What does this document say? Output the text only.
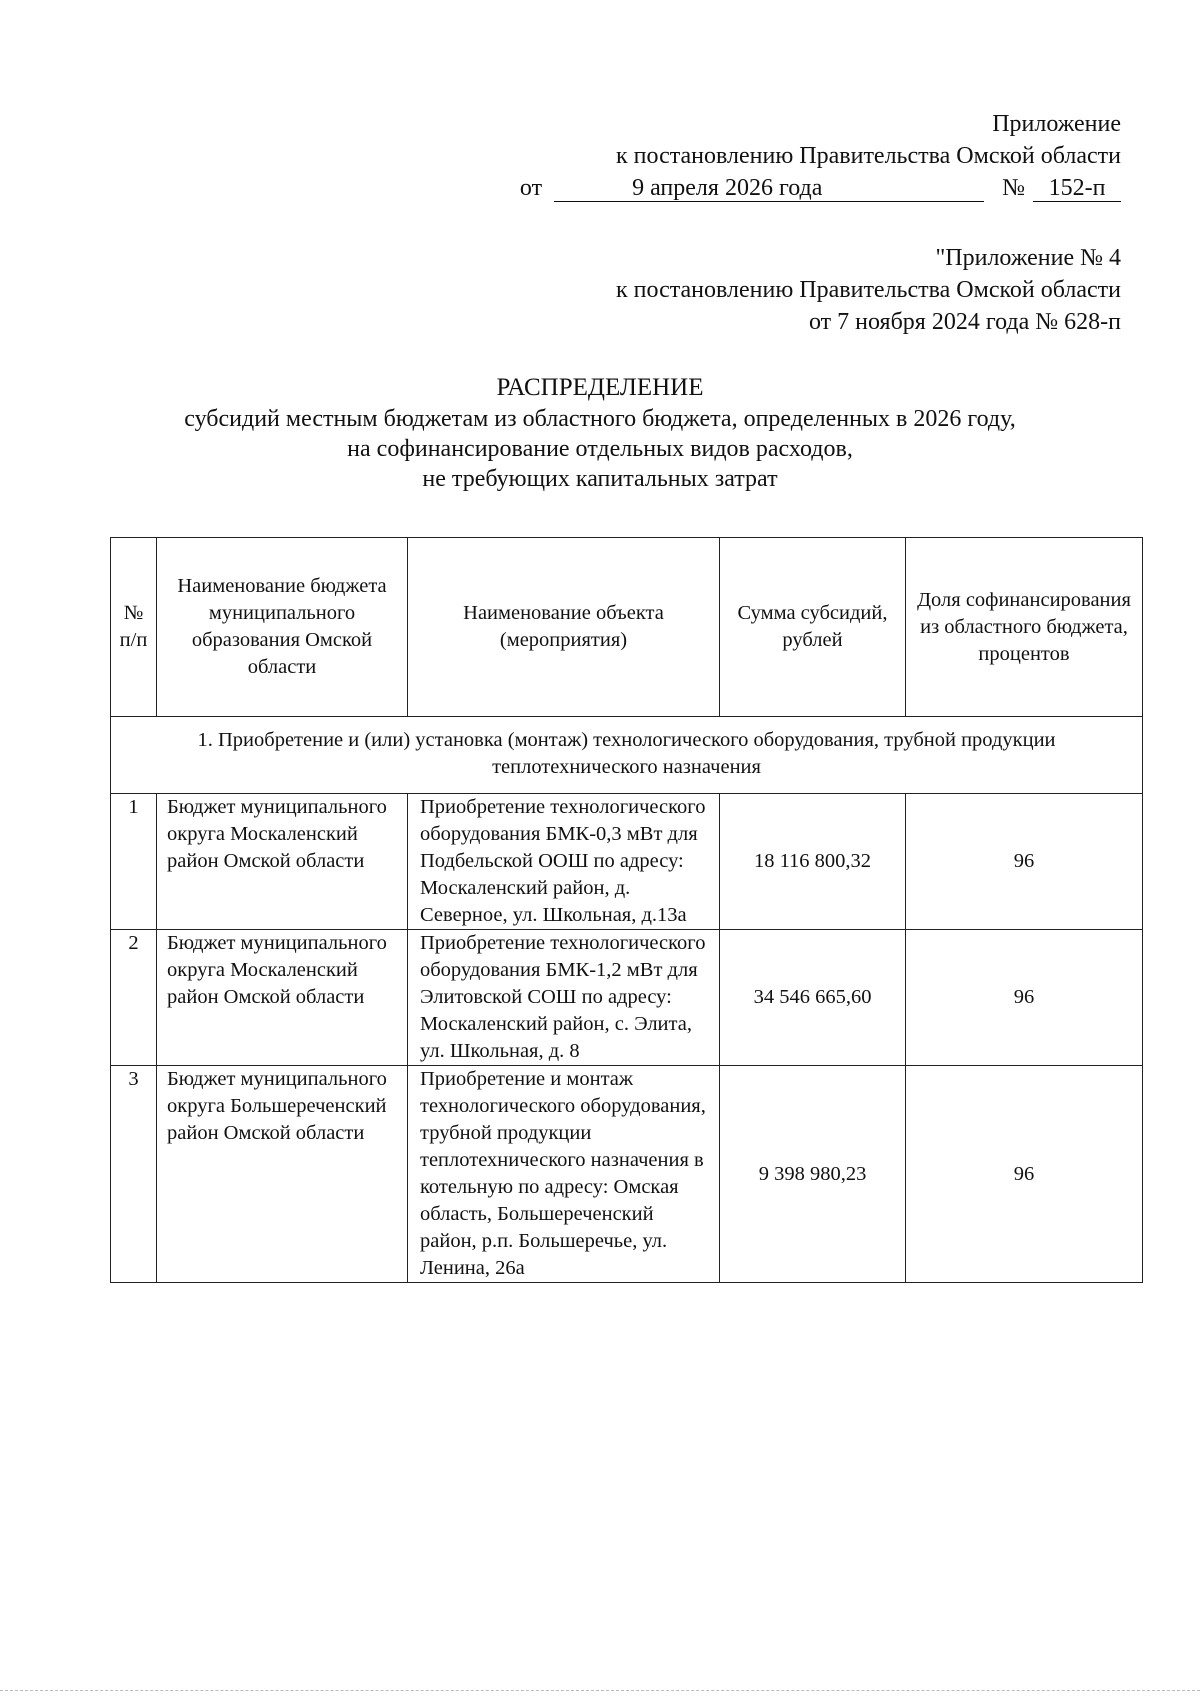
Приложение
к постановлению Правительства Омской области
от	9 апреля 2026 года	№ 152-п
"Приложение № 4
к постановлению Правительства Омской области
от 7 ноября 2024 года № 628-п
РАСПРЕДЕЛЕНИЕ
субсидий местным бюджетам из областного бюджета, определенных в 2026 году,
на софинансирование отдельных видов расходов,
не требующих капитальных затрат
№ п/п	Наименование бюджета муниципального образования Омской области	Наименование объекта (мероприятия)	Сумма субсидий, рублей	Доля софинансирования из областного бюджета, процентов
1. Приобретение и (или) установка (монтаж) технологического оборудования, трубной продукции теплотехнического назначения				
1	Бюджет муниципального округа Москаленский район Омской области	Приобретение технологического оборудования БМК-0,3 мВт для Подбельской ООШ по адресу: Москаленский район, д. Северное, ул. Школьная, д.13а	18 116 800,32	96
2	Бюджет муниципального округа Москаленский район Омской области	Приобретение технологического оборудования БМК-1,2 мВт для Элитовской СОШ по адресу: Москаленский район, с. Элита, ул. Школьная, д. 8	34 546 665,60	96
3	Бюджет муниципального округа Большереченский район Омской области	Приобретение и монтаж технологического оборудования, трубной продукции теплотехнического назначения в котельную по адресу: Омская область, Большереченский район, р.п. Большеречье, ул. Ленина, 26а	9 398 980,23	96
